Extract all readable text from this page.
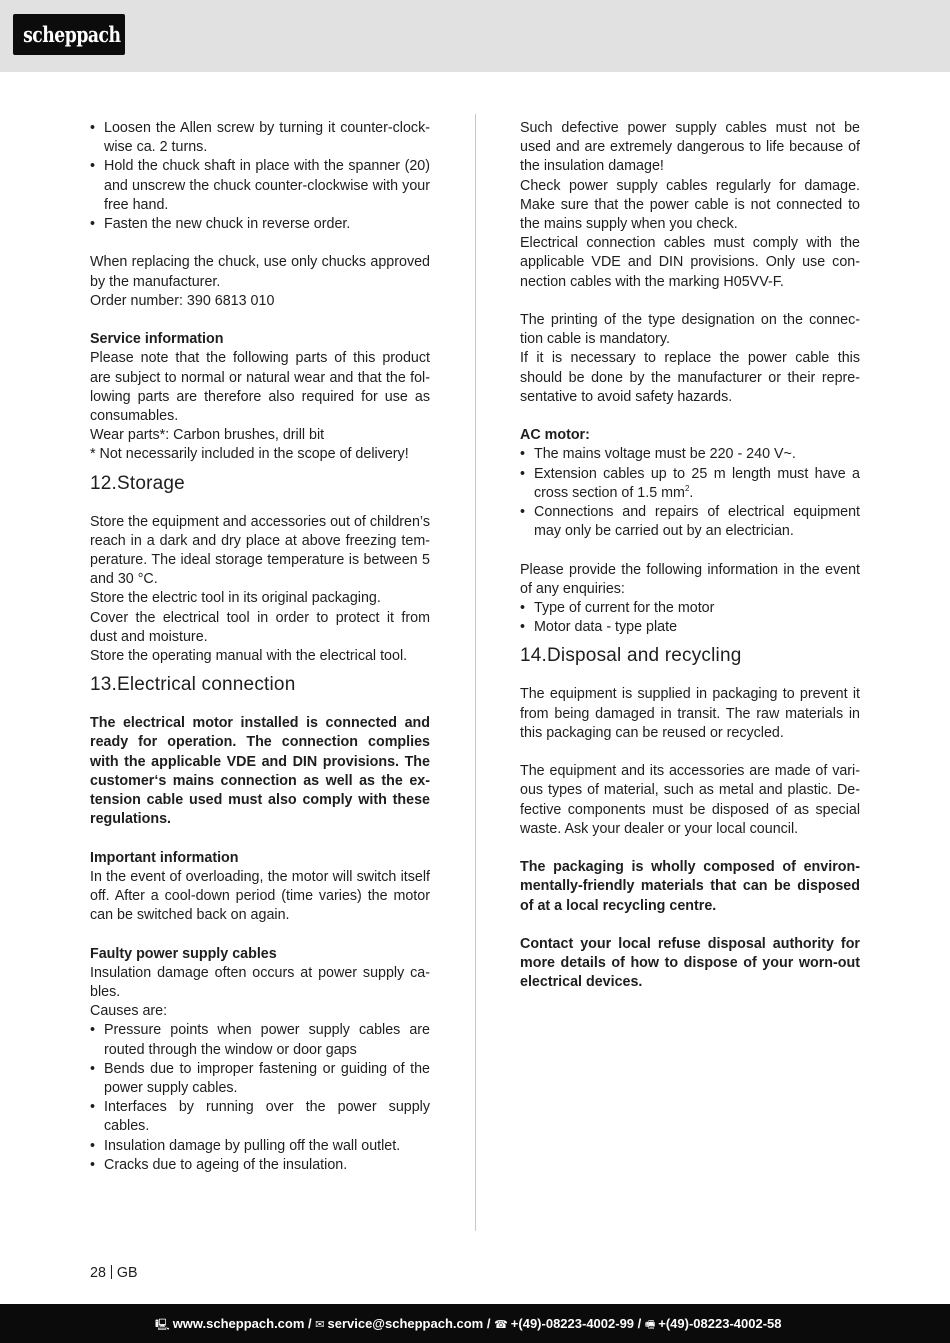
scheppach
• Loosen the Allen screw by turning it counter-clock-wise ca. 2 turns.
• Hold the chuck shaft in place with the spanner (20) and unscrew the chuck counter-clockwise with your free hand.
• Fasten the new chuck in reverse order.

When replacing the chuck, use only chucks approved by the manufacturer.

Order number: 390 6813 010

Service information

Please note that the following parts of this product are subject to normal or natural wear and that the fol-lowing parts are therefore also required for use as consumables.

Wear parts*: Carbon brushes, drill bit

* Not necessarily included in the scope of delivery!

12.Storage

Store the equipment and accessories out of children’s reach in a dark and dry place at above freezing tem-perature. The ideal storage temperature is between 5 and 30 °C.

Store the electric tool in its original packaging.

Cover the electrical tool in order to protect it from dust and moisture.

Store the operating manual with the electrical tool.

13.Electrical connection

The electrical motor installed is connected and ready for operation. The connection complies with the applicable VDE and DIN provisions. The customer‘s mains connection as well as the ex-tension cable used must also comply with these regulations.

Important information

In the event of overloading, the motor will switch itself off. After a cool-down period (time varies) the motor can be switched back on again.

Faulty power supply cables

Insulation damage often occurs at power supply ca-bles.

Causes are:

• Pressure points when power supply cables are routed through the window or door gaps
• Bends due to improper fastening or guiding of the power supply cables.
• Interfaces by running over the power supply cables.
• Insulation damage by pulling off the wall outlet.
• Cracks due to ageing of the insulation.

Such defective power supply cables must not be used and are extremely dangerous to life because of the insulation damage!

Check power supply cables regularly for damage. Make sure that the power cable is not connected to the mains supply when you check.

Electrical connection cables must comply with the applicable VDE and DIN provisions. Only use con-nection cables with the marking H05VV-F.

The printing of the type designation on the connec-tion cable is mandatory.

If it is necessary to replace the power cable this should be done by the manufacturer or their repre-sentative to avoid safety hazards.

AC motor:

• The mains voltage must be 220 - 240 V~.
• Extension cables up to 25 m length must have a cross section of 1.5 $mm^2$.
• Connections and repairs of electrical equipment may only be carried out by an electrician.

Please provide the following information in the event of any enquiries:

• Type of current for the motor
• Motor data - type plate
14.Disposal and recycling

The equipment is supplied in packaging to prevent it from being damaged in transit. The raw materials in this packaging can be reused or recycled.

The equipment and its accessories are made of vari-ous types of material, such as metal and plastic. De-fective components must be disposed of as special waste. Ask your dealer or your local council.

The packaging is wholly composed of environ-mentally-friendly materials that can be disposed of at a local recycling centre.

Contact your local refuse disposal authority for more details of how to dispose of your worn-out electrical devices.

28 GB
🖳 www.scheppach.com / ✉ service@scheppach.com / ☎ +(49)-08223-4002-99 / 🖷 +(49)-08223-4002-58
